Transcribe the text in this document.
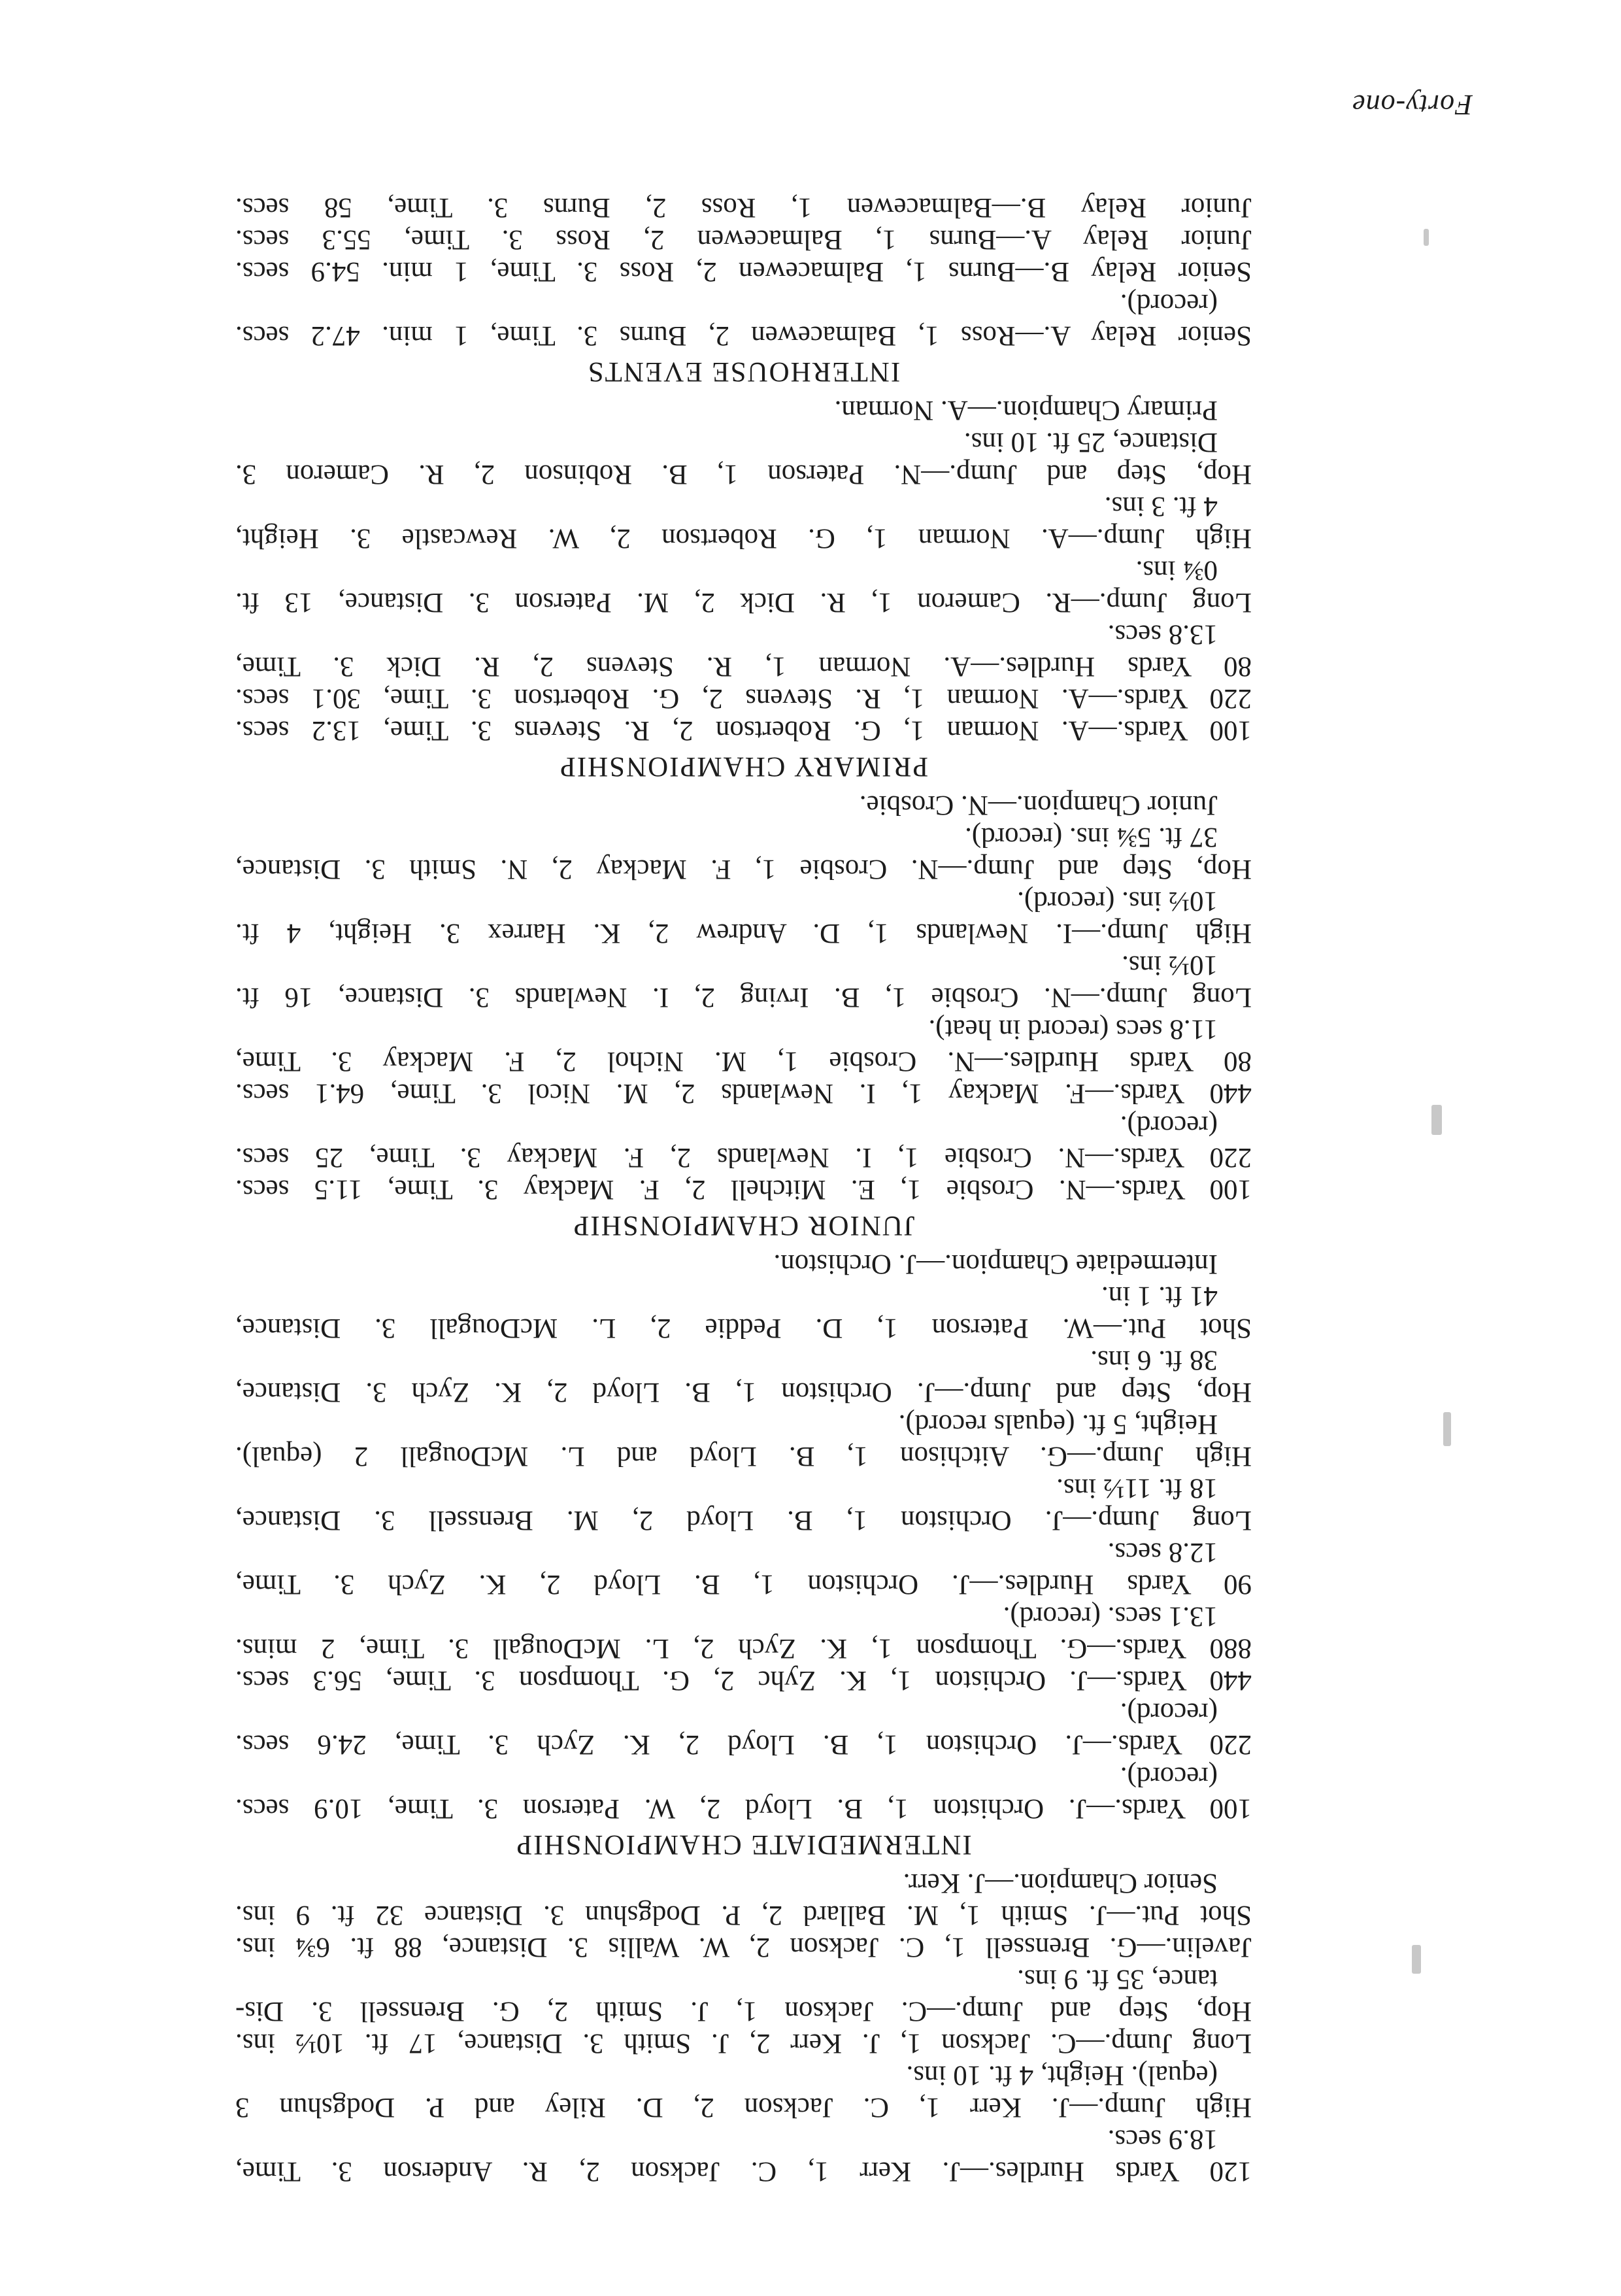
120 Yards Hurdles.—J. Kerr 1, C. Jackson 2, R. Anderson 3. Time,

18.9 secs.

High Jump.—J. Kerr 1, C. Jackson 2, D. Riley and P. Dodgshun 3

(equal). Height, 4 ft. 10 ins.

Long Jump.—C. Jackson 1, J. Kerr 2, J. Smith 3. Distance, 17 ft. 10½ ins.

Hop, Step and Jump.—C. Jackson 1, J. Smith 2, G. Brenssell 3. Dis-

tance, 35 ft. 9 ins.

Javelin.—G. Brenssell 1, C. Jackson 2, W. Wallis 3. Distance, 88 ft. 6¾ ins.

Shot Put.—J. Smith 1, M. Ballard 2, P. Dodgshun 3. Distance 32 ft. 9 ins.

Senior Champion.—J. Kerr.

INTERMEDIATE CHAMPIONSHIP

100 Yards.—J. Orchiston 1, B. Lloyd 2, W. Paterson 3. Time, 10.9 secs.

(record).

220 Yards.—J. Orchiston 1, B. Lloyd 2, K. Zych 3. Time, 24.6 secs.

(record).

440 Yards.—J. Orchiston 1, K. Zyhc 2, G. Thompson 3. Time, 56.3 secs.

880 Yards.—G. Thompson 1, K. Zych 2, L. McDougall 3. Time, 2 mins.

13.1 secs. (record).

90 Yards Hurdles.—J. Orchiston 1, B. Lloyd 2, K. Zych 3. Time,

12.8 secs.

Long Jump.—J. Orchiston 1, B. Lloyd 2, M. Brenssell 3. Distance,

18 ft. 11½ ins.

High Jump.—G. Aitchison 1, B. Lloyd and L. McDougall 2 (equal).

Height, 5 ft. (equals record).

Hop, Step and Jump.—J. Orchiston 1, B. Lloyd 2, K. Zych 3. Distance,

38 ft. 6 ins.

Shot Put.—W. Paterson 1, D. Peddie 2, L. McDougall 3. Distance,

41 ft. 1 in.

Intermediate Champion.—J. Orchiston.

JUNIOR CHAMPIONSHIP

100 Yards.—N. Crosbie 1, E. Mitchell 2, F. Mackay 3. Time, 11.5 secs.

220 Yards.—N. Crosbie 1, I. Newlands 2, F. Mackay 3. Time, 25 secs.

(record).

440 Yards.—F. Mackay 1, I. Newlands 2, M. Nicol 3. Time, 64.1 secs.

80 Yards Hurdles.—N. Crosbie 1, M. Nichol 2, F. Mackay 3. Time,

11.8 secs (record in heat).

Long Jump.—N. Crosbie 1, B. Irving 2, I. Newlands 3. Distance, 16 ft.

10½ ins.

High Jump.—I. Newlands 1, D. Andrew 2, K. Harrex 3. Height, 4 ft.

10½ ins. (record).

Hop, Step and Jump.—N. Crosbie 1, F. Mackay 2, N. Smith 3. Distance,

37 ft. 5¾ ins. (record).

Junior Champion.—N. Crosbie.

PRIMARY CHAMPIONSHIP

100 Yards.—A. Norman 1, G. Robertson 2, R. Stevens 3. Time, 13.2 secs.

220 Yards.—A. Norman 1, R. Stevens 2, G. Robertson 3. Time, 30.1 secs.

80 Yards Hurdles.—A. Norman 1, R. Stevens 2, R. Dick 3. Time,

13.8 secs.

Long Jump.—R. Cameron 1, R. Dick 2, M. Paterson 3. Distance, 13 ft.

0¾ ins.

High Jump.—A. Norman 1, G. Robertson 2, W. Rewcastle 3. Height,

4 ft. 3 ins.

Hop, Step and Jump.—N. Paterson 1, B. Robinson 2, R. Cameron 3.

Distance, 25 ft. 10 ins.

Primary Champion.—A. Norman.

INTERHOUSE EVENTS

Senior Relay A.—Ross 1, Balmacewen 2, Burns 3. Time, 1 min. 47.2 secs.

(record).

Senior Relay B.—Burns 1, Balmacewen 2, Ross 3. Time, 1 min. 54.9 secs.

Junior Relay A.—Burns 1, Balmacewen 2, Ross 3. Time, 55.3 secs.

Junior Relay B.—Balmacewen 1, Ross 2, Burns 3. Time, 58 secs.

Forty-one
